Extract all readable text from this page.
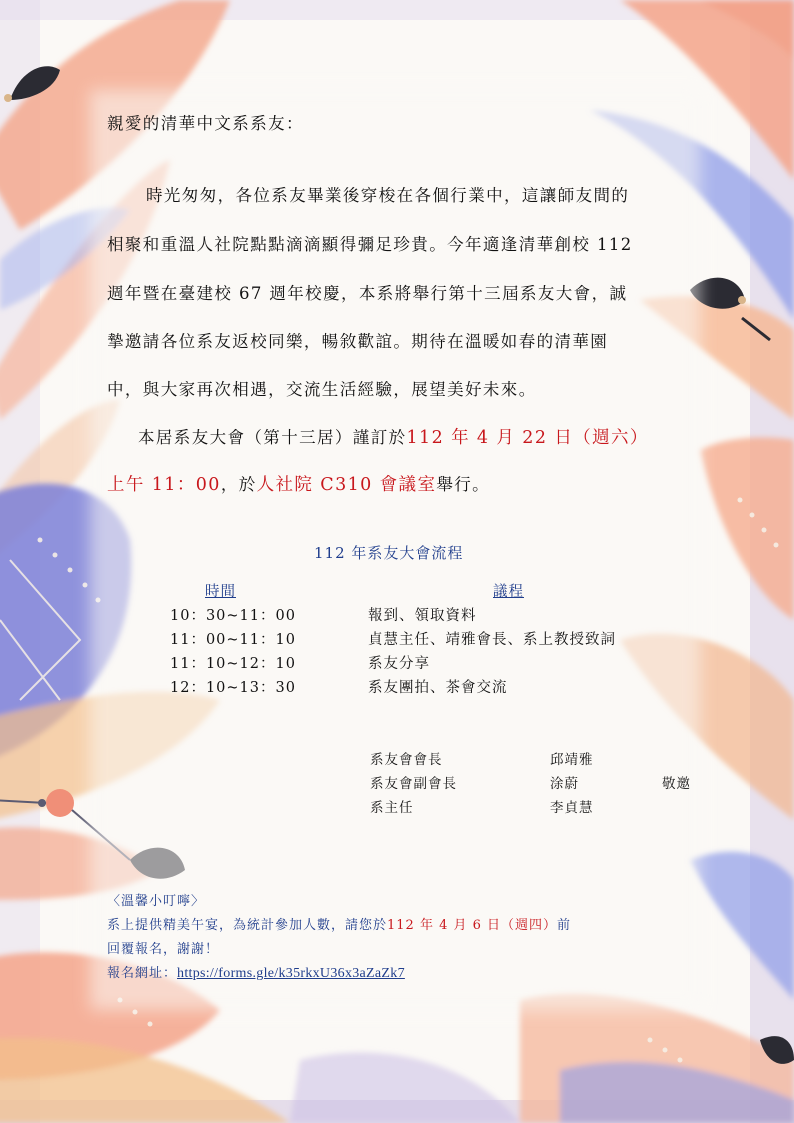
親愛的清華中文系系友：
時光匆匆，各位系友畢業後穿梭在各個行業中，這讓師友間的
相聚和重溫人社院點點滴滴顯得彌足珍貴。今年適逢清華創校 112
週年暨在臺建校 67 週年校慶，本系將舉行第十三屆系友大會，誠
摯邀請各位系友返校同樂，暢敘歡誼。期待在溫暖如春的清華園
中，與大家再次相遇，交流生活經驗，展望美好未來。
本居系友大會（第十三居）謹訂於112 年 4 月 22 日（週六）
上午 11：00，於人社院 C310 會議室舉行。
112 年系友大會流程
時間	議程
10：30~11：00	報到、領取資料
11：00~11：10	貞慧主任、靖雅會長、系上教授致詞
11：10~12：10	系友分享
12：10~13：30	系友團拍、茶會交流
系友會會長	邱靖雅
系友會副會長	涂蔚	敬邀
系主任	李貞慧
〈溫馨小叮嚀〉
系上提供精美午宴，為統計參加人數，請您於112 年 4 月 6 日（週四）前
回覆報名，謝謝！
報名網址：https://forms.gle/k35rkxU36x3aZaZk7
